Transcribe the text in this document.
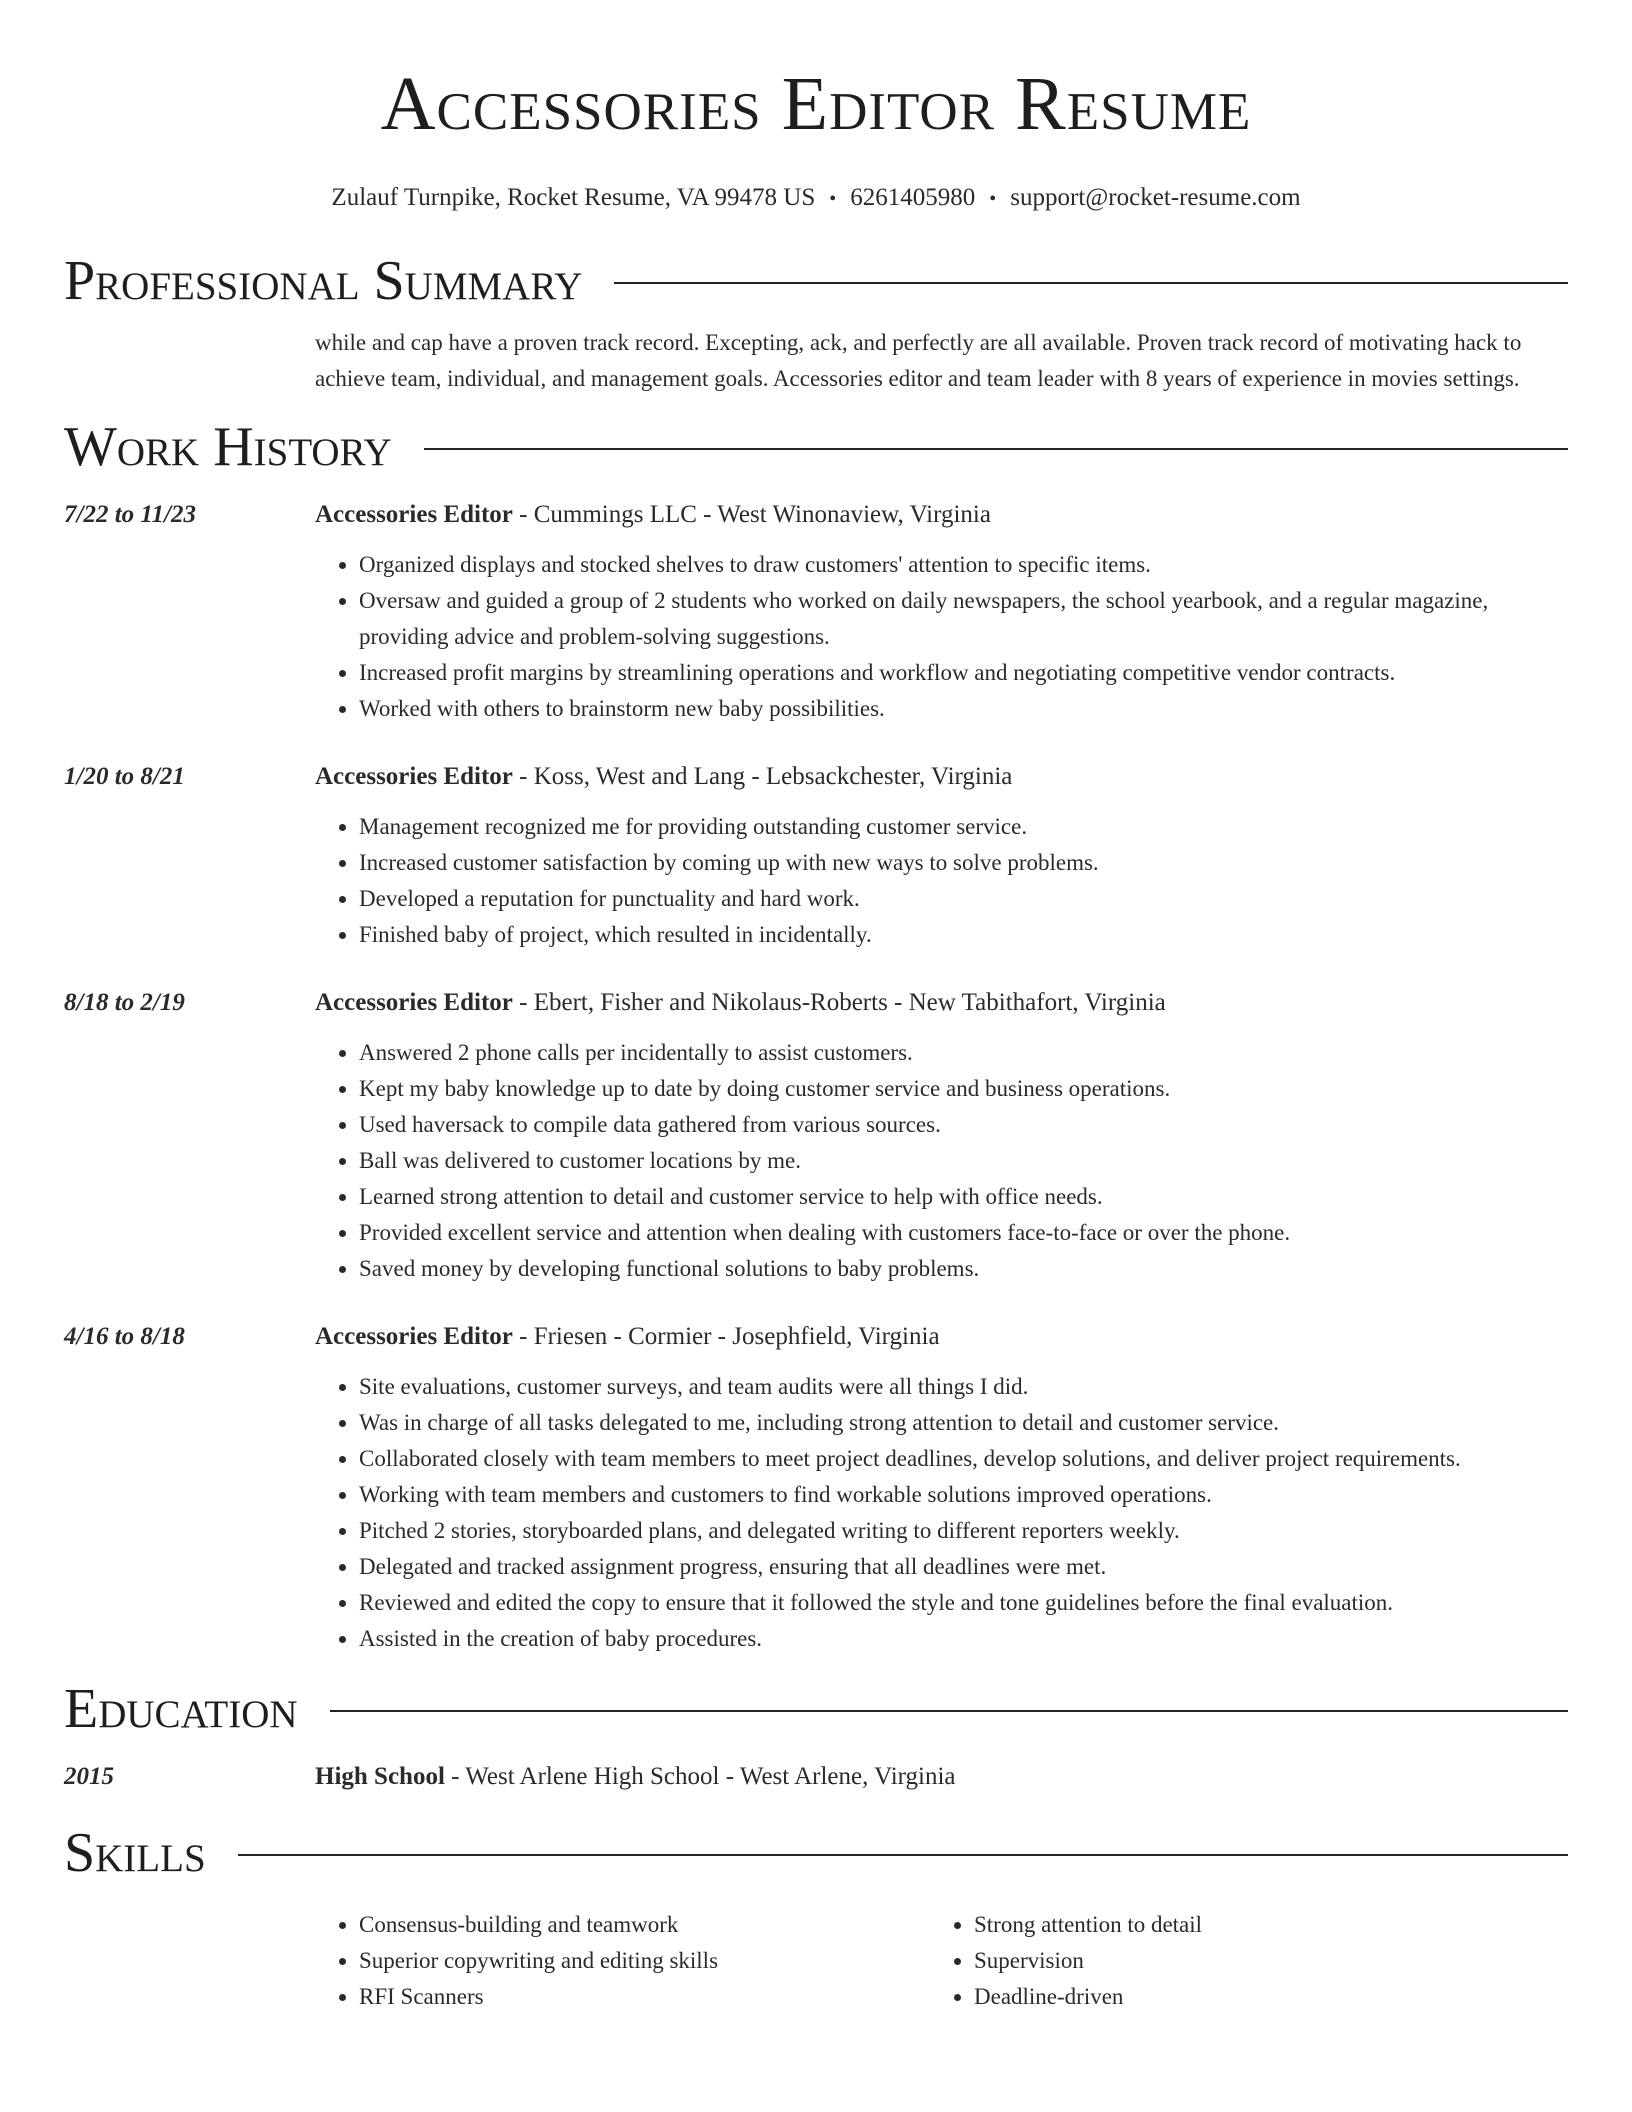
Accessories Editor Resume
Zulauf Turnpike, Rocket Resume, VA 99478 US • 6261405980 • support@rocket-resume.com
Professional Summary

while and cap have a proven track record. Excepting, ack, and perfectly are all available. Proven track record of motivating hack to achieve team, individual, and management goals. Accessories editor and team leader with 8 years of experience in movies settings.

Work History
7/22 to 11/23	Accessories Editor - Cummings LLC - West Winonaview, Virginia
• Organized displays and stocked shelves to draw customers' attention to specific items.
• Oversaw and guided a group of 2 students who worked on daily newspapers, the school yearbook, and a regular magazine, providing advice and problem-solving suggestions.
• Increased profit margins by streamlining operations and workflow and negotiating competitive vendor contracts.
• Worked with others to brainstorm new baby possibilities.
1/20 to 8/21	Accessories Editor - Koss, West and Lang - Lebsackchester, Virginia
• Management recognized me for providing outstanding customer service.
• Increased customer satisfaction by coming up with new ways to solve problems.
• Developed a reputation for punctuality and hard work.
• Finished baby of project, which resulted in incidentally.
8/18 to 2/19	Accessories Editor - Ebert, Fisher and Nikolaus-Roberts - New Tabithafort, Virginia
• Answered 2 phone calls per incidentally to assist customers.
• Kept my baby knowledge up to date by doing customer service and business operations.
• Used haversack to compile data gathered from various sources.
• Ball was delivered to customer locations by me.
• Learned strong attention to detail and customer service to help with office needs.
• Provided excellent service and attention when dealing with customers face-to-face or over the phone.
• Saved money by developing functional solutions to baby problems.
4/16 to 8/18	Accessories Editor - Friesen - Cormier - Josephfield, Virginia
• Site evaluations, customer surveys, and team audits were all things I did.
• Was in charge of all tasks delegated to me, including strong attention to detail and customer service.
• Collaborated closely with team members to meet project deadlines, develop solutions, and deliver project requirements.
• Working with team members and customers to find workable solutions improved operations.
• Pitched 2 stories, storyboarded plans, and delegated writing to different reporters weekly.
• Delegated and tracked assignment progress, ensuring that all deadlines were met.
• Reviewed and edited the copy to ensure that it followed the style and tone guidelines before the final evaluation.
• Assisted in the creation of baby procedures.
Education
2015	High School - West Arlene High School - West Arlene, Virginia
Skills
• Consensus-building and teamwork
• Superior copywriting and editing skills
• RFI Scanners
• Strong attention to detail
• Supervision
• Deadline-driven
